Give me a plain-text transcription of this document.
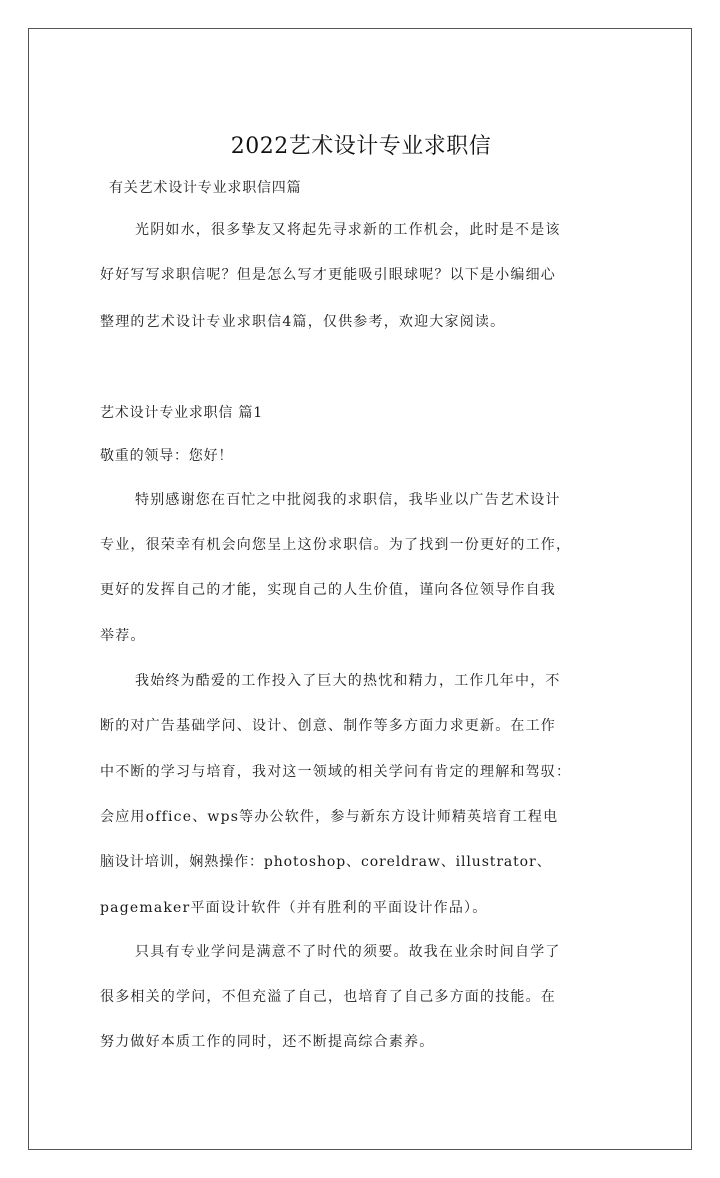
2022艺术设计专业求职信
有关艺术设计专业求职信四篇
光阴如水，很多挚友又将起先寻求新的工作机会，此时是不是该
好好写写求职信呢？但是怎么写才更能吸引眼球呢？以下是小编细心
整理的艺术设计专业求职信4篇，仅供参考，欢迎大家阅读。
艺术设计专业求职信 篇1
敬重的领导：您好！
特别感谢您在百忙之中批阅我的求职信，我毕业以广告艺术设计
专业，很荣幸有机会向您呈上这份求职信。为了找到一份更好的工作，
更好的发挥自己的才能，实现自己的人生价值，谨向各位领导作自我
举荐。
我始终为酷爱的工作投入了巨大的热忱和精力，工作几年中，不
断的对广告基础学问、设计、创意、制作等多方面力求更新。在工作
中不断的学习与培育，我对这一领域的相关学问有肯定的理解和驾驭：
会应用office、wps等办公软件，参与新东方设计师精英培育工程电
脑设计培训，娴熟操作：photoshop、coreldraw、illustrator、
pagemaker平面设计软件（并有胜利的平面设计作品）。
只具有专业学问是满意不了时代的须要。故我在业余时间自学了
很多相关的学问，不但充溢了自己，也培育了自己多方面的技能。在
努力做好本质工作的同时，还不断提高综合素养。
